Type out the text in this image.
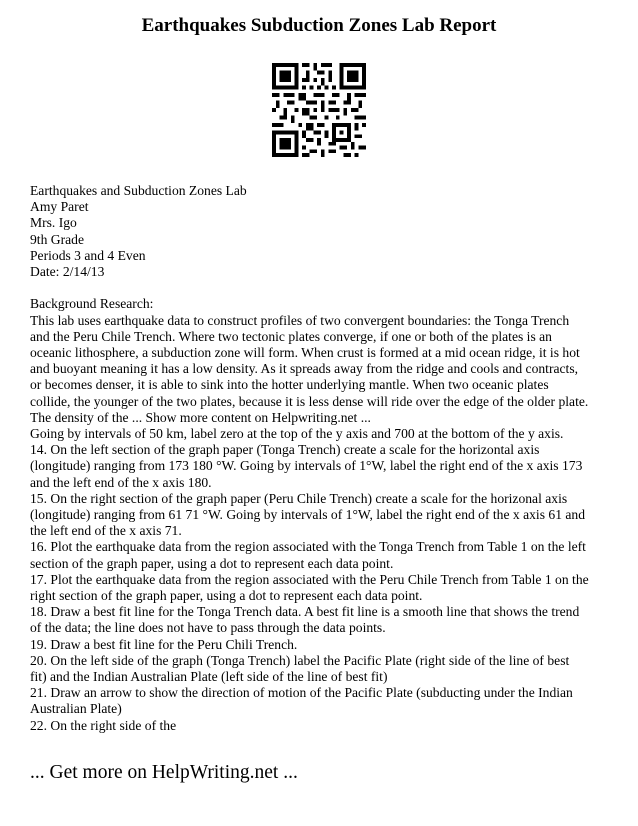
Earthquakes Subduction Zones Lab Report
Earthquakes and Subduction Zones Lab
Amy Paret
Mrs. Igo
9th Grade
Periods 3 and 4 Even
Date: 2/14/13
Background Research:
This lab uses earthquake data to construct profiles of two convergent boundaries: the Tonga Trench
and the Peru Chile Trench. Where two tectonic plates converge, if one or both of the plates is an
oceanic lithosphere, a subduction zone will form. When crust is formed at a mid ocean ridge, it is hot
and buoyant meaning it has a low density. As it spreads away from the ridge and cools and contracts,
or becomes denser, it is able to sink into the hotter underlying mantle. When two oceanic plates
collide, the younger of the two plates, because it is less dense will ride over the edge of the older plate.
The density of the ... Show more content on Helpwriting.net ...
Going by intervals of 50 km, label zero at the top of the y axis and 700 at the bottom of the y axis.
14. On the left section of the graph paper (Tonga Trench) create a scale for the horizontal axis
(longitude) ranging from 173 180 °W. Going by intervals of 1°W, label the right end of the x axis 173
and the left end of the x axis 180.
15. On the right section of the graph paper (Peru Chile Trench) create a scale for the horizonal axis
(longitude) ranging from 61 71 °W. Going by intervals of 1°W, label the right end of the x axis 61 and
the left end of the x axis 71.
16. Plot the earthquake data from the region associated with the Tonga Trench from Table 1 on the left
section of the graph paper, using a dot to represent each data point.
17. Plot the earthquake data from the region associated with the Peru Chile Trench from Table 1 on the
right section of the graph paper, using a dot to represent each data point.
18. Draw a best fit line for the Tonga Trench data. A best fit line is a smooth line that shows the trend
of the data; the line does not have to pass through the data points.
19. Draw a best fit line for the Peru Chili Trench.
20. On the left side of the graph (Tonga Trench) label the Pacific Plate (right side of the line of best
fit) and the Indian Australian Plate (left side of the line of best fit)
21. Draw an arrow to show the direction of motion of the Pacific Plate (subducting under the Indian
Australian Plate)
22. On the right side of the
... Get more on HelpWriting.net ...
